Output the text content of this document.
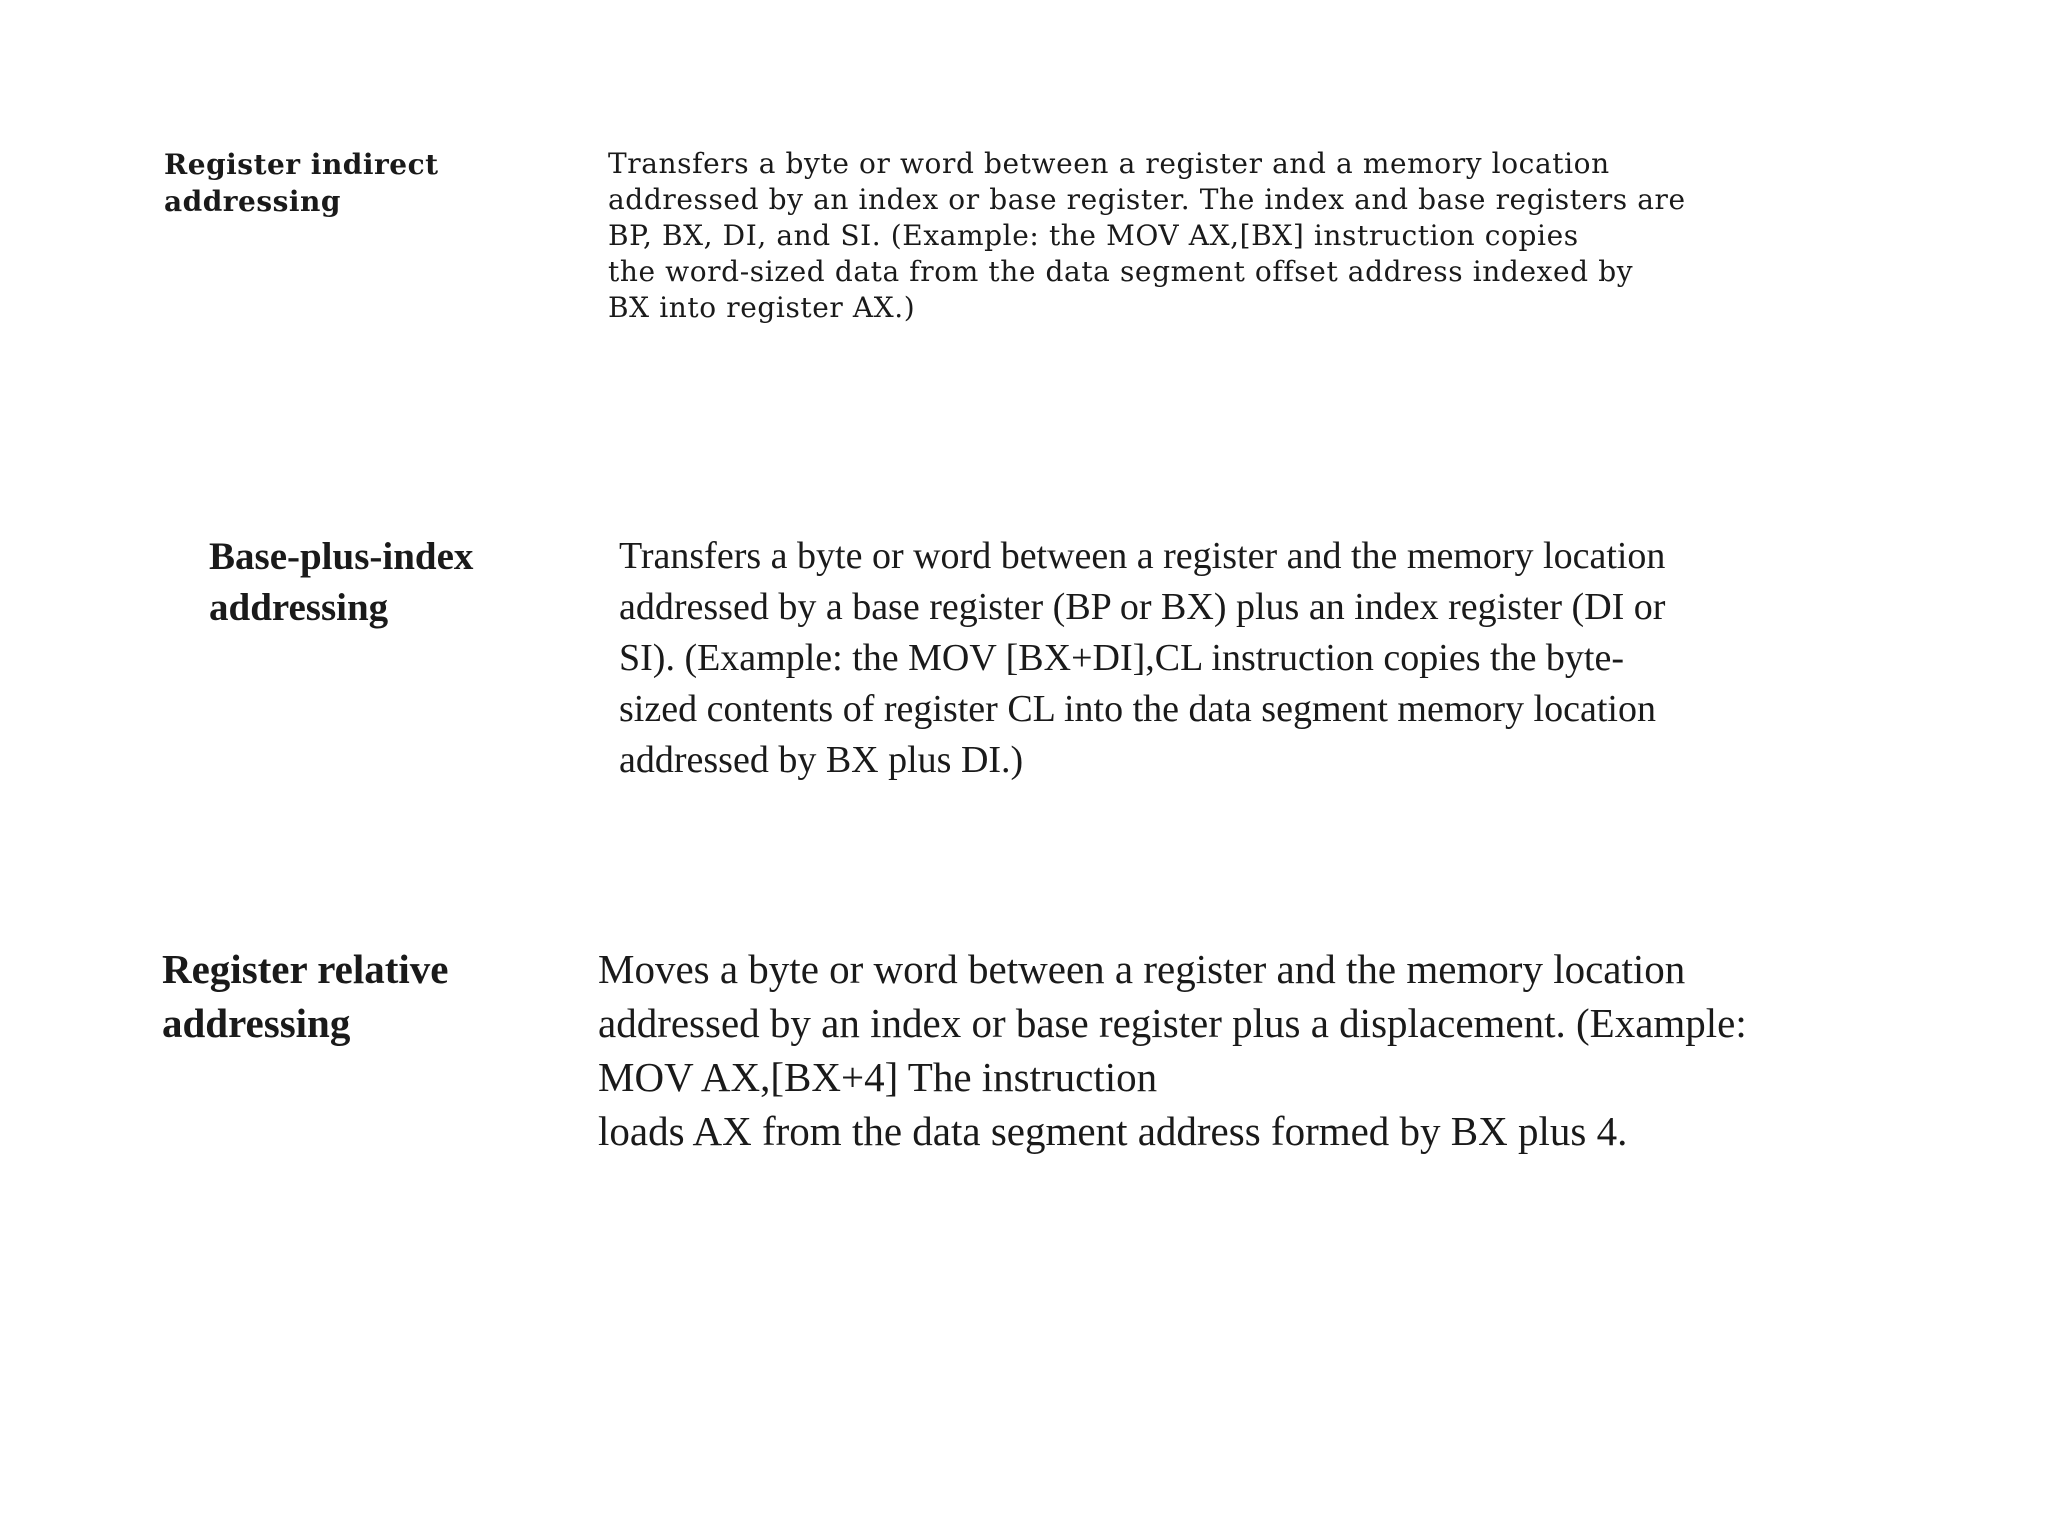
Register indirect
addressing
Transfers a byte or word between a register and a memory location
addressed by an index or base register. The index and base registers are
BP, BX, DI, and SI. (Example: the MOV AX,[BX] instruction copies
the word-sized data from the data segment offset address indexed by
BX into register AX.)
Base-plus-index
addressing
Transfers a byte or word between a register and the memory location
addressed by a base register (BP or BX) plus an index register (DI or
SI). (Example: the MOV [BX+DI],CL instruction copies the byte-
sized contents of register CL into the data segment memory location
addressed by BX plus DI.)
Register relative
addressing
Moves a byte or word between a register and the memory location
addressed by an index or base register plus a displacement. (Example:
MOV AX,[BX+4] The instruction
loads AX from the data segment address formed by BX plus 4.
